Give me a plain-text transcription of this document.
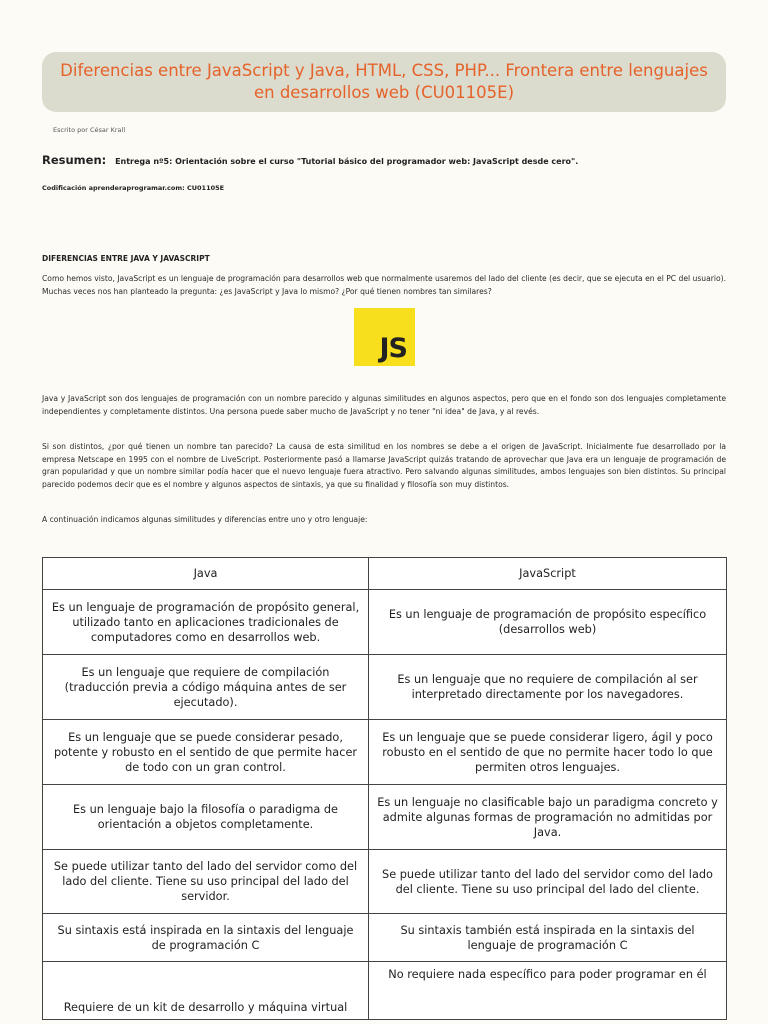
Diferencias entre JavaScript y Java, HTML, CSS, PHP... Frontera entre lenguajes en desarrollos web (CU01105E)
Escrito por César Krall
Resumen: Entrega nº5: Orientación sobre el curso "Tutorial básico del programador web: JavaScript desde cero".
Codificación aprenderaprogramar.com: CU01105E
DIFERENCIAS ENTRE JAVA Y JAVASCRIPT

Como hemos visto, JavaScript es un lenguaje de programación para desarrollos web que normalmente usaremos del lado del cliente (es decir, que se ejecuta en el PC del usuario). Muchas veces nos han planteado la pregunta: ¿es JavaScript y Java lo mismo? ¿Por qué tienen nombres tan similares?

JS

Java y JavaScript son dos lenguajes de programación con un nombre parecido y algunas similitudes en algunos aspectos, pero que en el fondo son dos lenguajes completamente independientes y completamente distintos. Una persona puede saber mucho de JavaScript y no tener "ni idea" de Java, y al revés.

Si son distintos, ¿por qué tienen un nombre tan parecido? La causa de esta similitud en los nombres se debe a el origen de JavaScript. Inicialmente fue desarrollado por la empresa Netscape en 1995 con el nombre de LiveScript. Posteriormente pasó a llamarse JavaScript quizás tratando de aprovechar que Java era un lenguaje de programación de gran popularidad y que un nombre similar podía hacer que el nuevo lenguaje fuera atractivo. Pero salvando algunas similitudes, ambos lenguajes son bien distintos. Su principal parecido podemos decir que es el nombre y algunos aspectos de sintaxis, ya que su finalidad y filosofía son muy distintos.

A continuación indicamos algunas similitudes y diferencias entre uno y otro lenguaje:

Java	JavaScript
Es un lenguaje de programación de propósito general, utilizado tanto en aplicaciones tradicionales de computadores como en desarrollos web.	Es un lenguaje de programación de propósito específico (desarrollos web)
Es un lenguaje que requiere de compilación (traducción previa a código máquina antes de ser ejecutado).	Es un lenguaje que no requiere de compilación al ser interpretado directamente por los navegadores.
Es un lenguaje que se puede considerar pesado, potente y robusto en el sentido de que permite hacer de todo con un gran control.	Es un lenguaje que se puede considerar ligero, ágil y poco robusto en el sentido de que no permite hacer todo lo que permiten otros lenguajes.
Es un lenguaje bajo la filosofía o paradigma de orientación a objetos completamente.	Es un lenguaje no clasificable bajo un paradigma concreto y admite algunas formas de programación no admitidas por Java.
Se puede utilizar tanto del lado del servidor como del lado del cliente. Tiene su uso principal del lado del servidor.	Se puede utilizar tanto del lado del servidor como del lado del cliente. Tiene su uso principal del lado del cliente.
Su sintaxis está inspirada en la sintaxis del lenguaje de programación C	Su sintaxis también está inspirada en la sintaxis del lenguaje de programación C
Requiere de un kit de desarrollo y máquina virtual	No requiere nada específico para poder programar en él
